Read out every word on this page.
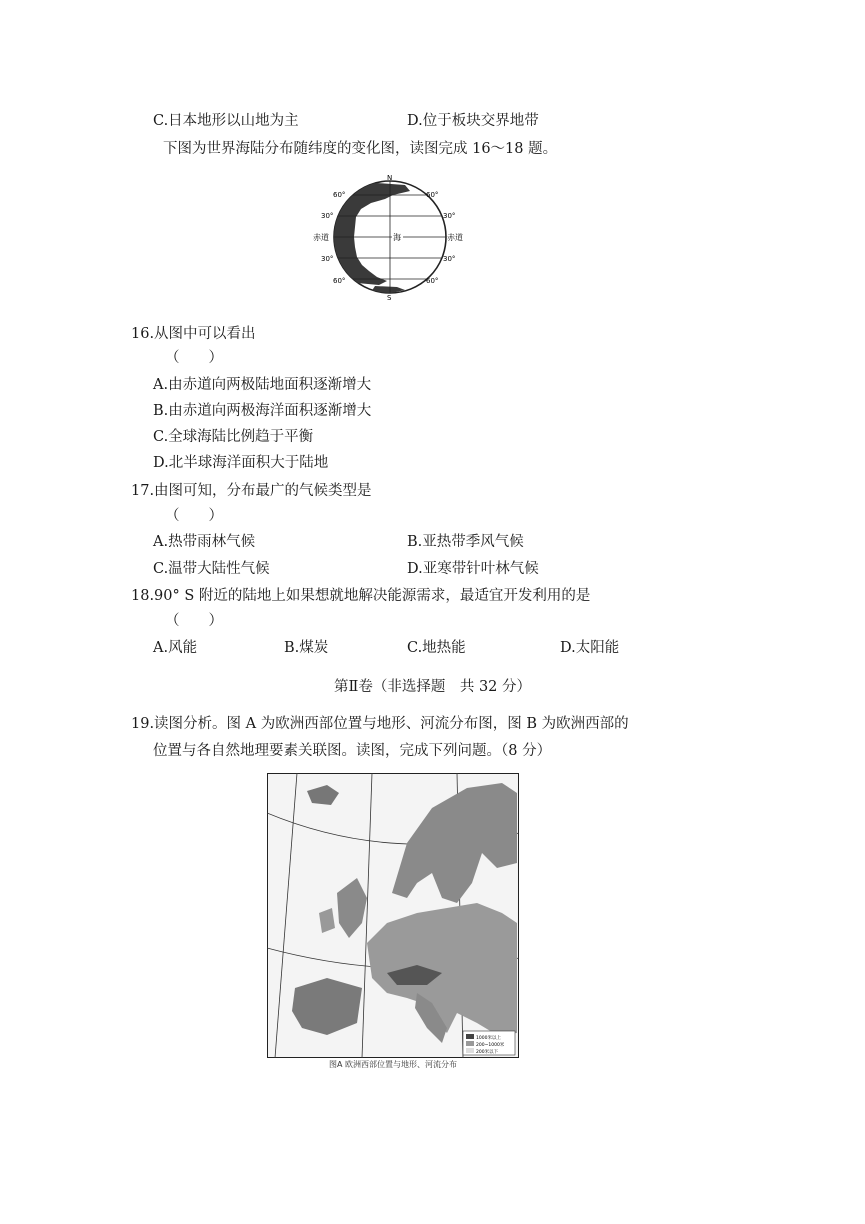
C.日本地形以山地为主	D.位于板块交界地带
下图为世界海陆分布随纬度的变化图，读图完成 16～18 题。
N
S
60°	60°
30°	30°
赤道	赤道
海
30°	30°
60°	60°
16.从图中可以看出
（　　）
A.由赤道向两极陆地面积逐渐增大
B.由赤道向两极海洋面积逐渐增大
C.全球海陆比例趋于平衡
D.北半球海洋面积大于陆地
17.由图可知，分布最广的气候类型是
（　　）
A.热带雨林气候	B.亚热带季风气候
C.温带大陆性气候	D.亚寒带针叶林气候
18.90° S 附近的陆地上如果想就地解决能源需求，最适宜开发利用的是
（　　）
A.风能	B.煤炭	C.地热能	D.太阳能
第Ⅱ卷（非选择题　共 32 分）
19.读图分析。图 A 为欧洲西部位置与地形、河流分布图，图 B 为欧洲西部的
位置与各自然地理要素关联图。读图，完成下列问题。（8 分）
1000米以上
200~1000米
200米以下
图A 欧洲西部位置与地形、河流分布
